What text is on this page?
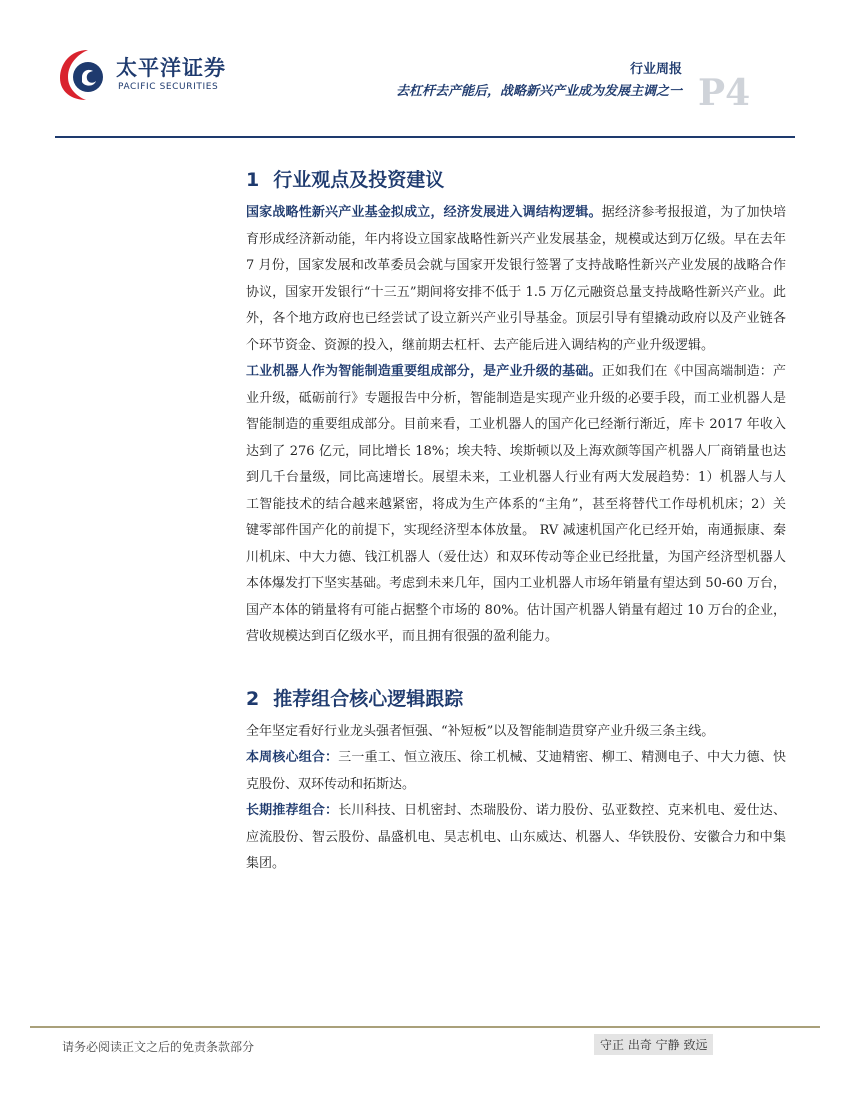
太平洋证券
PACIFIC SECURITIES
行业周报
去杠杆去产能后，战略新兴产业成为发展主调之一 P4
1 行业观点及投资建议

国家战略性新兴产业基金拟成立，经济发展进入调结构逻辑。据经济参考报报道，为了加快培育形成经济新动能，年内将设立国家战略性新兴产业发展基金，规模或达到万亿级。早在去年 7 月份，国家发展和改革委员会就与国家开发银行签署了支持战略性新兴产业发展的战略合作协议，国家开发银行“十三五”期间将安排不低于 1.5 万亿元融资总量支持战略性新兴产业。此外，各个地方政府也已经尝试了设立新兴产业引导基金。顶层引导有望撬动政府以及产业链各个环节资金、资源的投入，继前期去杠杆、去产能后进入调结构的产业升级逻辑。

工业机器人作为智能制造重要组成部分，是产业升级的基础。正如我们在《中国高端制造：产业升级，砥砺前行》专题报告中分析，智能制造是实现产业升级的必要手段，而工业机器人是智能制造的重要组成部分。目前来看，工业机器人的国产化已经渐行渐近，库卡 2017 年收入达到了 276 亿元，同比增长 18%；埃夫特、埃斯顿以及上海欢颜等国产机器人厂商销量也达到几千台量级，同比高速增长。展望未来，工业机器人行业有两大发展趋势：1）机器人与人工智能技术的结合越来越紧密，将成为生产体系的“主角”，甚至将替代工作母机机床；2）关键零部件国产化的前提下，实现经济型本体放量。 RV 减速机国产化已经开始，南通振康、秦川机床、中大力德、钱江机器人（爱仕达）和双环传动等企业已经批量，为国产经济型机器人本体爆发打下坚实基础。考虑到未来几年，国内工业机器人市场年销量有望达到 50-60 万台，国产本体的销量将有可能占据整个市场的 80%。估计国产机器人销量有超过 10 万台的企业，营收规模达到百亿级水平，而且拥有很强的盈利能力。

2 推荐组合核心逻辑跟踪

全年坚定看好行业龙头强者恒强、“补短板”以及智能制造贯穿产业升级三条主线。

本周核心组合：三一重工、恒立液压、徐工机械、艾迪精密、柳工、精测电子、中大力德、快克股份、双环传动和拓斯达。

长期推荐组合：长川科技、日机密封、杰瑞股份、诺力股份、弘亚数控、克来机电、爱仕达、应流股份、智云股份、晶盛机电、昊志机电、山东威达、机器人、华铁股份、安徽合力和中集集团。

请务必阅读正文之后的免责条款部分	守正 出奇 宁静 致远
